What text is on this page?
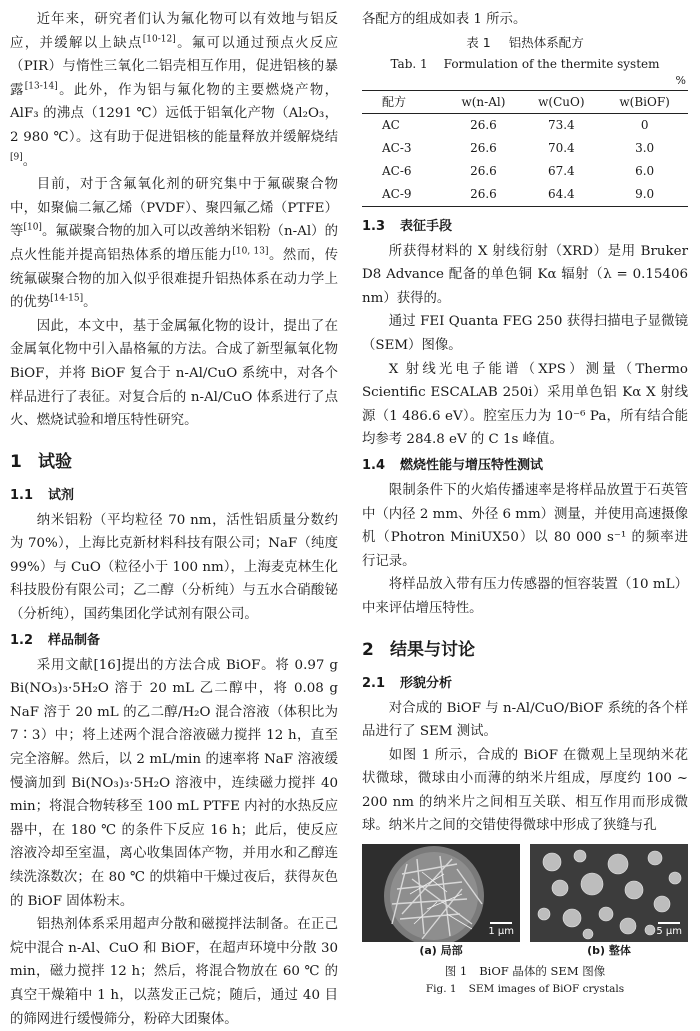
近年来，研究者们认为氟化物可以有效地与铝反应，并缓解以上缺点[10-12]。氟可以通过预点火反应（PIR）与惰性三氧化二铝壳相互作用，促进铝核的暴露[13-14]。此外，作为铝与氟化物的主要燃烧产物，AlF₃ 的沸点（1291 ℃）远低于铝氧化产物（Al₂O₃，2 980 ℃）。这有助于促进铝核的能量释放并缓解烧结[9]。

目前，对于含氟氧化剂的研究集中于氟碳聚合物中，如聚偏二氟乙烯（PVDF）、聚四氟乙烯（PTFE）等[10]。氟碳聚合物的加入可以改善纳米铝粉（n-Al）的点火性能并提高铝热体系的增压能力[10, 13]。然而，传统氟碳聚合物的加入似乎很难提升铝热体系在动力学上的优势[14-15]。

因此，本文中，基于金属氟化物的设计，提出了在金属氧化物中引入晶格氟的方法。合成了新型氟氧化物 BiOF，并将 BiOF 复合于 n-Al/CuO 系统中，对各个样品进行了表征。对复合后的 n-Al/CuO 体系进行了点火、燃烧试验和增压特性研究。

1 试验
1.1 试剂

纳米铝粉（平均粒径 70 nm，活性铝质量分数约为 70%），上海比克新材料科技有限公司；NaF（纯度 99%）与 CuO（粒径小于 100 nm），上海麦克林生化科技股份有限公司；乙二醇（分析纯）与五水合硝酸铋（分析纯），国药集团化学试剂有限公司。

1.2 样品制备

采用文献[16]提出的方法合成 BiOF。将 0.97 g Bi(NO₃)₃·5H₂O 溶于 20 mL 乙二醇中，将 0.08 g NaF 溶于 20 mL 的乙二醇/H₂O 混合溶液（体积比为 7∶3）中；将上述两个混合溶液磁力搅拌 12 h，直至完全溶解。然后，以 2 mL/min 的速率将 NaF 溶液缓慢滴加到 Bi(NO₃)₃·5H₂O 溶液中，连续磁力搅拌 40 min；将混合物转移至 100 mL PTFE 内衬的水热反应器中，在 180 ℃ 的条件下反应 16 h；此后，使反应溶液冷却至室温，离心收集固体产物，并用水和乙醇连续洗涤数次；在 80 ℃ 的烘箱中干燥过夜后，获得灰色的 BiOF 固体粉末。

铝热剂体系采用超声分散和磁搅拌法制备。在正己烷中混合 n-Al、CuO 和 BiOF，在超声环境中分散 30 min，磁力搅拌 12 h；然后，将混合物放在 60 ℃ 的真空干燥箱中 1 h，以蒸发正己烷；随后，通过 40 目的筛网进行缓慢筛分，粉碎大团聚体。

各配方的组成如表 1 所示。

表 1 铝热体系配方
Tab. 1 Formulation of the thermite system
%
配方	w(n-Al)	w(CuO)	w(BiOF)
AC	26.6	73.4	0
AC-3	26.6	70.4	3.0
AC-6	26.6	67.4	6.0
AC-9	26.6	64.4	9.0
1.3 表征手段

所获得材料的 X 射线衍射（XRD）是用 Bruker D8 Advance 配备的单色铜 Kα 辐射（λ = 0.15406 nm）获得的。

通过 FEI Quanta FEG 250 获得扫描电子显微镜（SEM）图像。

X 射线光电子能谱（XPS）测量（Thermo Scientific ESCALAB 250i）采用单色铝 Kα X 射线源（1 486.6 eV）。腔室压力为 10⁻⁶ Pa，所有结合能均参考 284.8 eV 的 C 1s 峰值。

1.4 燃烧性能与增压特性测试

限制条件下的火焰传播速率是将样品放置于石英管中（内径 2 mm、外径 6 mm）测量，并使用高速摄像机（Photron MiniUX50）以 80 000 s⁻¹ 的频率进行记录。

将样品放入带有压力传感器的恒容装置（10 mL）中来评估增压特性。

2 结果与讨论
2.1 形貌分析

对合成的 BiOF 与 n-Al/CuO/BiOF 系统的各个样品进行了 SEM 测试。

如图 1 所示，合成的 BiOF 在微观上呈现纳米花状微球，微球由小而薄的纳米片组成，厚度约 100 ~ 200 nm 的纳米片之间相互关联、相互作用而形成微球。纳米片之间的交错使得微球中形成了狭缝与孔

1 μm
(a) 局部
5 μm
(b) 整体
图 1 BiOF 晶体的 SEM 图像
Fig. 1 SEM images of BiOF crystals
